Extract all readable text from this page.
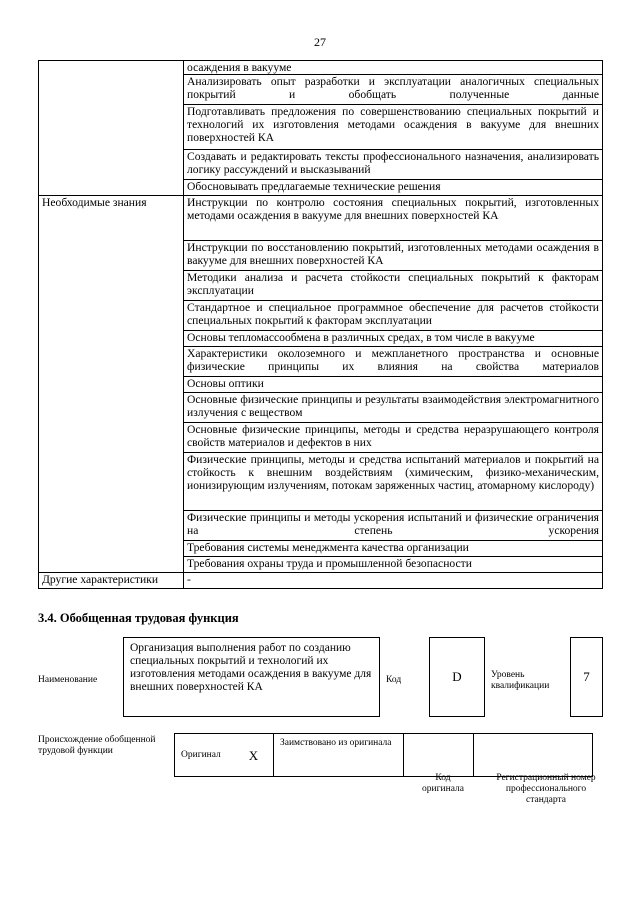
27
	осаждения в вакууме
	Анализировать опыт разработки и эксплуатации аналогичных специальных покрытий и обобщать полученные данные
	Подготавливать предложения по совершенствованию специальных покрытий и технологий их изготовления методами осаждения в вакууме для внешних поверхностей КА
	Создавать и редактировать тексты профессионального назначения, анализировать логику рассуждений и высказываний
	Обосновывать предлагаемые технические решения
Необходимые знания	Инструкции по контролю состояния специальных покрытий, изготовленных методами осаждения в вакууме для внешних поверхностей КА
	Инструкции по восстановлению покрытий, изготовленных методами осаждения в вакууме для внешних поверхностей КА
	Методики анализа и расчета стойкости специальных покрытий к факторам эксплуатации
	Стандартное и специальное программное обеспечение для расчетов стойкости специальных покрытий к факторам эксплуатации
	Основы тепломассообмена в различных средах, в том числе в вакууме
	Характеристики околоземного и межпланетного пространства и основные физические принципы их влияния на свойства материалов
	Основы оптики
	Основные физические принципы и результаты взаимодействия электромагнитного излучения с веществом
	Основные физические принципы, методы и средства неразрушающего контроля свойств материалов и дефектов в них
	Физические принципы, методы и средства испытаний материалов и покрытий на стойкость к внешним воздействиям (химическим, физико-механическим, ионизирующим излучениям, потокам заряженных частиц, атомарному кислороду)
	Физические принципы и методы ускорения испытаний и физические ограничения на степень ускорения
	Требования системы менеджмента качества организации
	Требования охраны труда и промышленной безопасности
Другие характеристики	-
3.4. Обобщенная трудовая функция
Наименование
Организация выполнения работ по созданию специальных покрытий и технологий их изготовления методами осаждения в вакууме для внешних поверхностей КА
Код	D	Уровень квалификации
7
Происхождение обобщенной трудовой функции	Оригинал	X	Заимствовано из оригинала		
Код оригинала
Регистрационный номер профессионального стандарта
